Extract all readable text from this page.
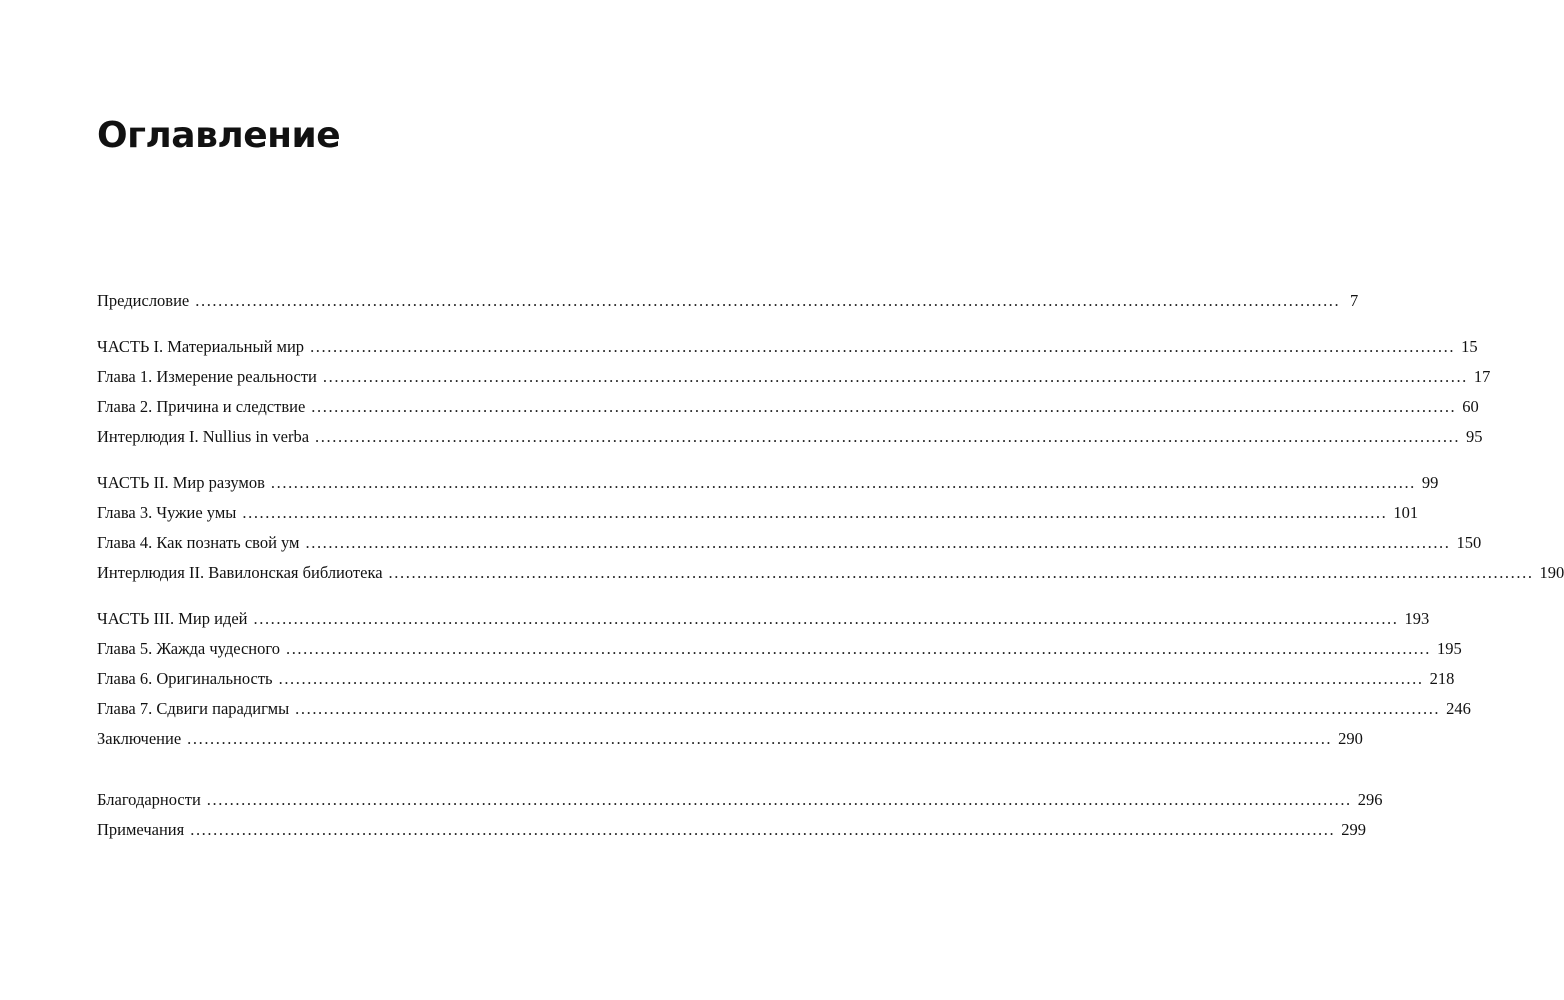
Оглавление
Предисловие ........................................................................................................................................................................................................ 7
ЧАСТЬ I. Материальный мир ........................................................................................................................................................................................................ 15
Глава 1. Измерение реальности ........................................................................................................................................................................................................ 17
Глава 2. Причина и следствие ........................................................................................................................................................................................................ 60
Интерлюдия I. Nullius in verba ........................................................................................................................................................................................................ 95
ЧАСТЬ II. Мир разумов ........................................................................................................................................................................................................ 99
Глава 3. Чужие умы ........................................................................................................................................................................................................ 101
Глава 4. Как познать свой ум ........................................................................................................................................................................................................ 150
Интерлюдия II. Вавилонская библиотека ........................................................................................................................................................................................................ 190
ЧАСТЬ III. Мир идей ........................................................................................................................................................................................................ 193
Глава 5. Жажда чудесного ........................................................................................................................................................................................................ 195
Глава 6. Оригинальность ........................................................................................................................................................................................................ 218
Глава 7. Сдвиги парадигмы ........................................................................................................................................................................................................ 246
Заключение ........................................................................................................................................................................................................ 290
Благодарности ........................................................................................................................................................................................................ 296
Примечания ........................................................................................................................................................................................................ 299
